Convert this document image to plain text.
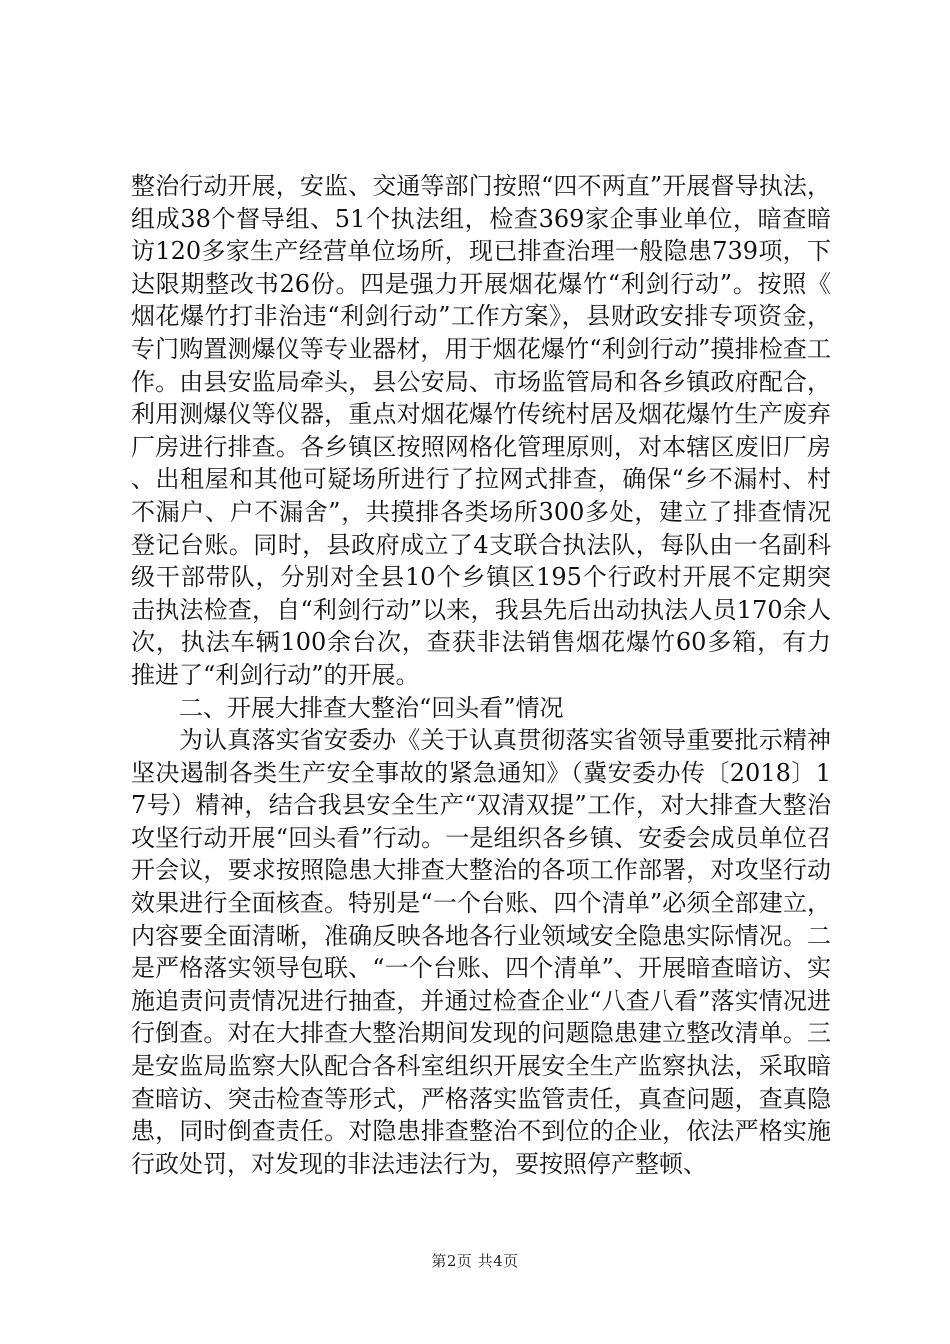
整治行动开展，安监、交通等部门按照“四不两直”开展督导执法，组成38个督导组、51个执法组，检查369家企事业单位，暗查暗访120多家生产经营单位场所，现已排查治理一般隐患739项，下达限期整改书26份。四是强力开展烟花爆竹“利剑行动”。按照《烟花爆竹打非治违“利剑行动”工作方案》，县财政安排专项资金，专门购置测爆仪等专业器材，用于烟花爆竹“利剑行动”摸排检查工作。由县安监局牵头，县公安局、市场监管局和各乡镇政府配合，利用测爆仪等仪器，重点对烟花爆竹传统村居及烟花爆竹生产废弃厂房进行排查。各乡镇区按照网格化管理原则，对本辖区废旧厂房、出租屋和其他可疑场所进行了拉网式排查，确保“乡不漏村、村不漏户、户不漏舍”，共摸排各类场所300多处，建立了排查情况登记台账。同时，县政府成立了4支联合执法队，每队由一名副科级干部带队，分别对全县10个乡镇区195个行政村开展不定期突击执法检查，自“利剑行动”以来，我县先后出动执法人员170余人次，执法车辆100余台次，查获非法销售烟花爆竹60多箱，有力推进了“利剑行动”的开展。

二、开展大排查大整治“回头看”情况

为认真落实省安委办《关于认真贯彻落实省领导重要批示精神坚决遏制各类生产安全事故的紧急通知》（冀安委办传〔2018〕17号）精神，结合我县安全生产“双清双提”工作，对大排查大整治攻坚行动开展“回头看”行动。一是组织各乡镇、安委会成员单位召开会议，要求按照隐患大排查大整治的各项工作部署，对攻坚行动效果进行全面核查。特别是“一个台账、四个清单”必须全部建立，内容要全面清晰，准确反映各地各行业领域安全隐患实际情况。二是严格落实领导包联、“一个台账、四个清单”、开展暗查暗访、实施追责问责情况进行抽查，并通过检查企业“八查八看”落实情况进行倒查。对在大排查大整治期间发现的问题隐患建立整改清单。三是安监局监察大队配合各科室组织开展安全生产监察执法，采取暗查暗访、突击检查等形式，严格落实监管责任，真查问题，查真隐患，同时倒查责任。对隐患排查整治不到位的企业，依法严格实施行政处罚，对发现的非法违法行为，要按照停产整顿、

第2页 共4页
